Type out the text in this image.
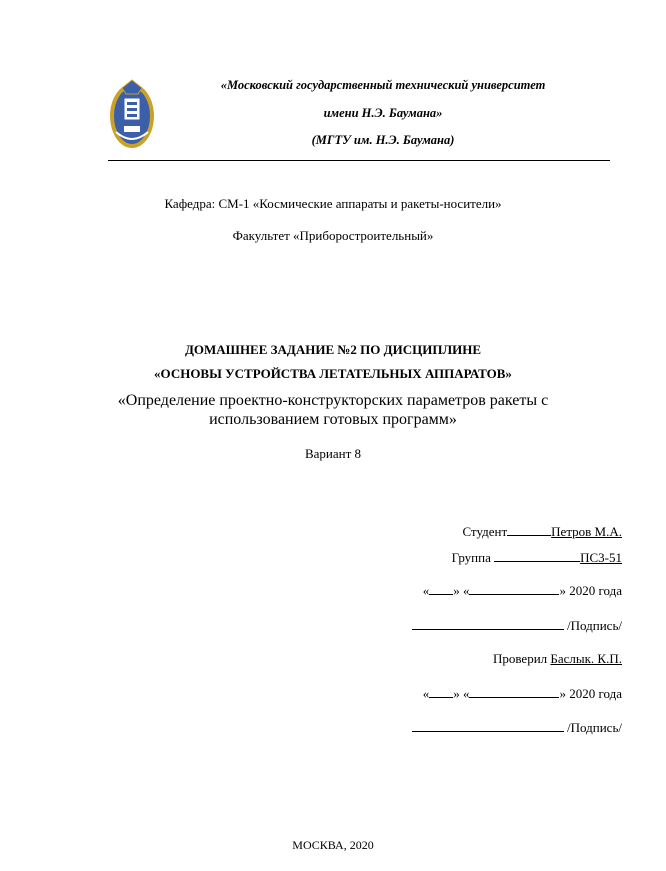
«Московский государственный технический университет
имени Н.Э. Баумана»
(МГТУ им. Н.Э. Баумана)
Кафедра: СМ-1 «Космические аппараты и ракеты-носители»
Факультет «Приборостроительный»
ДОМАШНЕЕ ЗАДАНИЕ №2 ПО ДИСЦИПЛИНЕ
«ОСНОВЫ УСТРОЙСТВА ЛЕТАТЕЛЬНЫХ АППАРАТОВ»
«Определение проектно-конструкторских параметров ракеты с
использованием готовых программ»
Вариант 8
Студент	Петров М.А.
Группа	ПС3-51
« » «	» 2020 года
/Подпись/
Проверил Баслык. К.П.
« » «	» 2020 года
/Подпись/
МОСКВА, 2020
